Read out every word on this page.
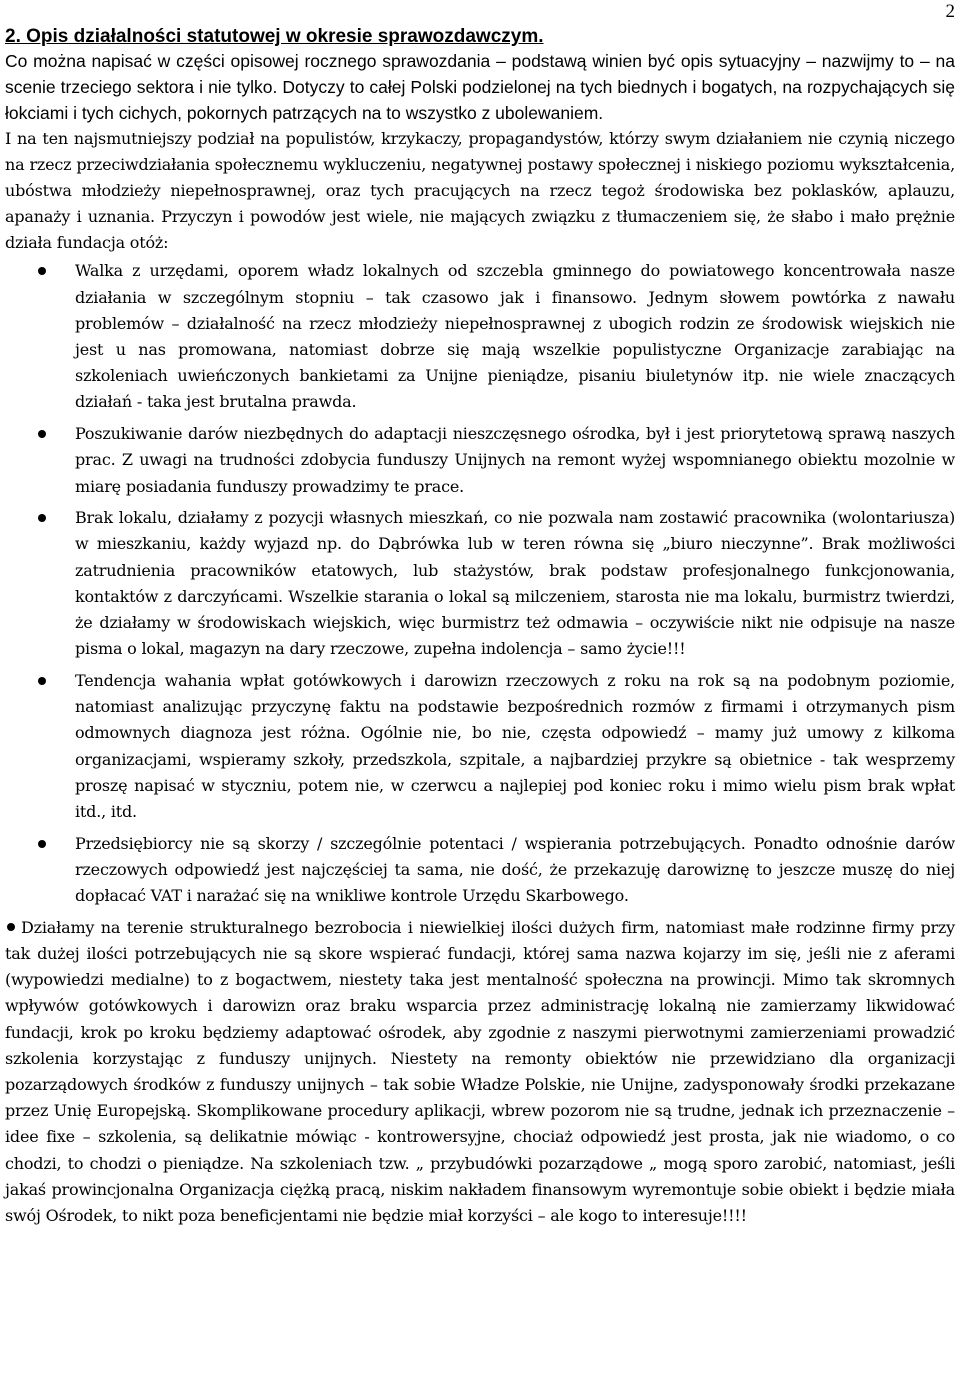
2
2. Opis działalności statutowej w okresie sprawozdawczym.

Co można napisać w części opisowej rocznego sprawozdania – podstawą winien być opis sytuacyjny – nazwijmy to – na scenie trzeciego sektora i nie tylko. Dotyczy to całej Polski podzielonej na tych biednych i bogatych, na rozpychających się łokciami i tych cichych, pokornych patrzących na to wszystko z ubolewaniem.

I na ten najsmutniejszy podział na populistów, krzykaczy, propagandystów, którzy swym działaniem nie czynią niczego na rzecz przeciwdziałania społecznemu wykluczeniu, negatywnej postawy społecznej i niskiego poziomu wykształcenia, ubóstwa młodzieży niepełnosprawnej, oraz tych pracujących na rzecz tegoż środowiska bez poklasków, aplauzu, apanaży i uznania. Przyczyn i powodów jest wiele, nie mających związku z tłumaczeniem się, że słabo i mało prężnie działa fundacja otóż:

Walka z urzędami, oporem władz lokalnych od szczebla gminnego do powiatowego koncentrowała nasze działania w szczególnym stopniu – tak czasowo jak i finansowo. Jednym słowem powtórka z nawału problemów – działalność na rzecz młodzieży niepełnosprawnej z ubogich rodzin ze środowisk wiejskich nie jest u nas promowana, natomiast dobrze się mają wszelkie populistyczne Organizacje zarabiając na szkoleniach uwieńczonych bankietami za Unijne pieniądze, pisaniu biuletynów itp. nie wiele znaczących działań - taka jest brutalna prawda.
Poszukiwanie darów niezbędnych do adaptacji nieszczęsnego ośrodka, był i jest priorytetową sprawą naszych prac. Z uwagi na trudności zdobycia funduszy Unijnych na remont wyżej wspomnianego obiektu mozolnie w miarę posiadania funduszy prowadzimy te prace.
Brak lokalu, działamy z pozycji własnych mieszkań, co nie pozwala nam zostawić pracownika (wolontariusza) w mieszkaniu, każdy wyjazd np. do Dąbrówka lub w teren równa się „biuro nieczynne”. Brak możliwości zatrudnienia pracowników etatowych, lub stażystów, brak podstaw profesjonalnego funkcjonowania, kontaktów z darczyńcami. Wszelkie starania o lokal są milczeniem, starosta nie ma lokalu, burmistrz twierdzi, że działamy w środowiskach wiejskich, więc burmistrz też odmawia – oczywiście nikt nie odpisuje na nasze pisma o lokal, magazyn na dary rzeczowe, zupełna indolencja – samo życie!!!
Tendencja wahania wpłat gotówkowych i darowizn rzeczowych z roku na rok są na podobnym poziomie, natomiast analizując przyczynę faktu na podstawie bezpośrednich rozmów z firmami i otrzymanych pism odmownych diagnoza jest różna. Ogólnie nie, bo nie, częsta odpowiedź – mamy już umowy z kilkoma organizacjami, wspieramy szkoły, przedszkola, szpitale, a najbardziej przykre są obietnice - tak wesprzemy proszę napisać w styczniu, potem nie, w czerwcu a najlepiej pod koniec roku i mimo wielu pism brak wpłat itd., itd.
Przedsiębiorcy nie są skorzy / szczególnie potentaci / wspierania potrzebujących. Ponadto odnośnie darów rzeczowych odpowiedź jest najczęściej ta sama, nie dość, że przekazuję darowiznę to jeszcze muszę do niej dopłacać VAT i narażać się na wnikliwe kontrole Urzędu Skarbowego.

Działamy na terenie strukturalnego bezrobocia i niewielkiej ilości dużych firm, natomiast małe rodzinne firmy przy tak dużej ilości potrzebujących nie są skore wspierać fundacji, której sama nazwa kojarzy im się, jeśli nie z aferami (wypowiedzi medialne) to z bogactwem, niestety taka jest mentalność społeczna na prowincji. Mimo tak skromnych wpływów gotówkowych i darowizn oraz braku wsparcia przez administrację lokalną nie zamierzamy likwidować fundacji, krok po kroku będziemy adaptować ośrodek, aby zgodnie z naszymi pierwotnymi zamierzeniami prowadzić szkolenia korzystając z funduszy unijnych. Niestety na remonty obiektów nie przewidziano dla organizacji pozarządowych środków z funduszy unijnych – tak sobie Władze Polskie, nie Unijne, zadysponowały środki przekazane przez Unię Europejską. Skomplikowane procedury aplikacji, wbrew pozorom nie są trudne, jednak ich przeznaczenie – idee fixe – szkolenia, są delikatnie mówiąc - kontrowersyjne, chociaż odpowiedź jest prosta, jak nie wiadomo, o co chodzi, to chodzi o pieniądze. Na szkoleniach tzw. „ przybudówki pozarządowe „ mogą sporo zarobić, natomiast, jeśli jakaś prowincjonalna Organizacja ciężką pracą, niskim nakładem finansowym wyremontuje sobie obiekt i będzie miała swój Ośrodek, to nikt poza beneficjentami nie będzie miał korzyści – ale kogo to interesuje!!!!
